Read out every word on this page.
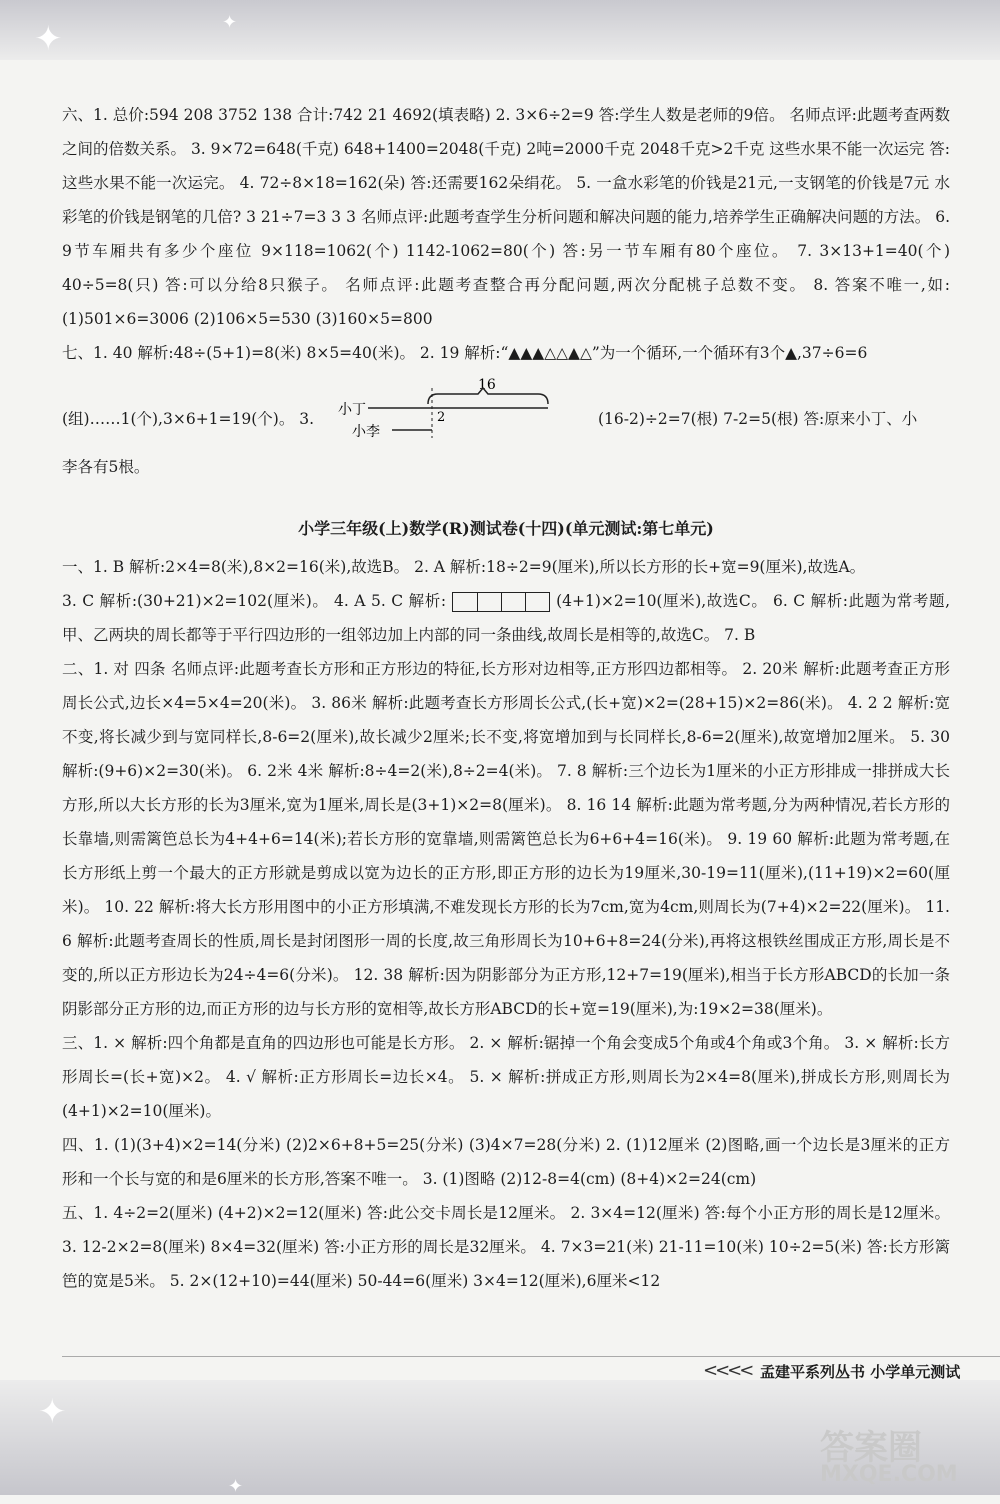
✦	✦
✦
✦

六、1. 总价:594 208 3752 138 合计:742 21 4692(填表略) 2. 3×6÷2=9 答:学生人数是老师的9倍。 名师点评:此题考查两数之间的倍数关系。 3. 9×72=648(千克) 648+1400=2048(千克) 2吨=2000千克 2048千克>2千克 这些水果不能一次运完 答:这些水果不能一次运完。 4. 72÷8×18=162(朵) 答:还需要162朵绢花。 5. 一盒水彩笔的价钱是21元,一支钢笔的价钱是7元 水彩笔的价钱是钢笔的几倍? 3 21÷7=3 3 3 名师点评:此题考查学生分析问题和解决问题的能力,培养学生正确解决问题的方法。 6. 9节车厢共有多少个座位 9×118=1062(个) 1142-1062=80(个) 答:另一节车厢有80个座位。 7. 3×13+1=40(个) 40÷5=8(只) 答:可以分给8只猴子。 名师点评:此题考查整合再分配问题,两次分配桃子总数不变。 8. 答案不唯一,如:(1)501×6=3006 (2)106×5=530 (3)160×5=800

七、1. 40 解析:48÷(5+1)=8(米) 8×5=40(米)。 2. 19 解析:“▲▲▲△△▲△”为一个循环,一个循环有3个▲,37÷6=6

(组)……1(个),3×6+1=19(个)。 3.
16
小丁	2
小李
(16-2)÷2=7(根) 7-2=5(根) 答:原来小丁、小

李各有5根。

小学三年级(上)数学(R)测试卷(十四)(单元测试:第七单元)

一、1. B 解析:2×4=8(米),8×2=16(米),故选B。 2. A 解析:18÷2=9(厘米),所以长方形的长+宽=9(厘米),故选A。

3. C 解析:(30+21)×2=102(厘米)。 4. A 5. C 解析:	(4+1)×2=10(厘米),故选C。 6. C 解析:此题为常考题,甲、乙两块的周长都等于平行四边形的一组邻边加上内部的同一条曲线,故周长是相等的,故选C。 7. B

二、1. 对 四条 名师点评:此题考查长方形和正方形边的特征,长方形对边相等,正方形四边都相等。 2. 20米 解析:此题考查正方形周长公式,边长×4=5×4=20(米)。 3. 86米 解析:此题考查长方形周长公式,(长+宽)×2=(28+15)×2=86(米)。 4. 2 2 解析:宽不变,将长减少到与宽同样长,8-6=2(厘米),故长减少2厘米;长不变,将宽增加到与长同样长,8-6=2(厘米),故宽增加2厘米。 5. 30 解析:(9+6)×2=30(米)。 6. 2米 4米 解析:8÷4=2(米),8÷2=4(米)。 7. 8 解析:三个边长为1厘米的小正方形排成一排拼成大长方形,所以大长方形的长为3厘米,宽为1厘米,周长是(3+1)×2=8(厘米)。 8. 16 14 解析:此题为常考题,分为两种情况,若长方形的长靠墙,则需篱笆总长为4+4+6=14(米);若长方形的宽靠墙,则需篱笆总长为6+6+4=16(米)。 9. 19 60 解析:此题为常考题,在长方形纸上剪一个最大的正方形就是剪成以宽为边长的正方形,即正方形的边长为19厘米,30-19=11(厘米),(11+19)×2=60(厘米)。 10. 22 解析:将大长方形用图中的小正方形填满,不难发现长方形的长为7cm,宽为4cm,则周长为(7+4)×2=22(厘米)。 11. 6 解析:此题考查周长的性质,周长是封闭图形一周的长度,故三角形周长为10+6+8=24(分米),再将这根铁丝围成正方形,周长是不变的,所以正方形边长为24÷4=6(分米)。 12. 38 解析:因为阴影部分为正方形,12+7=19(厘米),相当于长方形ABCD的长加一条阴影部分正方形的边,而正方形的边与长方形的宽相等,故长方形ABCD的长+宽=19(厘米),为:19×2=38(厘米)。

三、1. × 解析:四个角都是直角的四边形也可能是长方形。 2. × 解析:锯掉一个角会变成5个角或4个角或3个角。 3. × 解析:长方形周长=(长+宽)×2。 4. √ 解析:正方形周长=边长×4。 5. × 解析:拼成正方形,则周长为2×4=8(厘米),拼成长方形,则周长为(4+1)×2=10(厘米)。

四、1. (1)(3+4)×2=14(分米) (2)2×6+8+5=25(分米) (3)4×7=28(分米) 2. (1)12厘米 (2)图略,画一个边长是3厘米的正方形和一个长与宽的和是6厘米的长方形,答案不唯一。 3. (1)图略 (2)12-8=4(cm) (8+4)×2=24(cm)

五、1. 4÷2=2(厘米) (4+2)×2=12(厘米) 答:此公交卡周长是12厘米。 2. 3×4=12(厘米) 答:每个小正方形的周长是12厘米。 3. 12-2×2=8(厘米) 8×4=32(厘米) 答:小正方形的周长是32厘米。 4. 7×3=21(米) 21-11=10(米) 10÷2=5(米) 答:长方形篱笆的宽是5米。 5. 2×(12+10)=44(厘米) 50-44=6(厘米) 3×4=12(厘米),6厘米<12

<<<< 孟建平系列丛书 小学单元测试
答案圈
MXQE.COM
